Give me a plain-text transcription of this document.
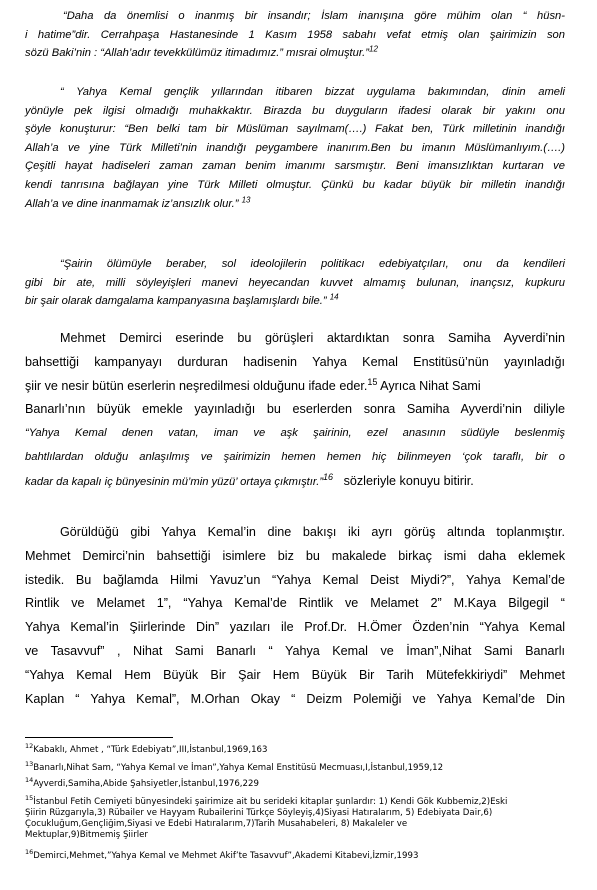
“Daha da önemlisi o inanmış bir insandır; İslam inanışına göre mühim olan “ hüsn-
i hatime”dir. Cerrahpaşa Hastanesinde 1 Kasım 1958 sabahı vefat etmiş olan şairimizin son
sözü Baki’nin : “Allah’adır tevekkülümüz itimadımız.” mısrai olmuştur.”$^{12}$
“ Yahya Kemal gençlik yıllarından itibaren bizzat uygulama bakımından, dinin ameli
yönüyle pek ilgisi olmadığı muhakkaktır. Birazda bu duyguların ifadesi olarak bir yakını onu
şöyle konuşturur: “Ben belki tam bir Müslüman sayılmam(….) Fakat ben, Türk milletinin inandığı
Allah’a ve yine Türk Milleti’nin inandığı peygambere inanırım.Ben bu imanın Müslümanlıyım.(….)
Çeşitli hayat hadiseleri zaman zaman benim imanımı sarsmıştır. Beni imansızlıktan kurtaran ve
kendi tanrısına bağlayan yine Türk Milleti olmuştur. Çünkü bu kadar büyük bir milletin inandığı
Allah’a ve dine inanmamak iz’ansızlık olur.” $^{13}$
“Şairin ölümüyle beraber, sol ideolojilerin politikacı edebiyatçıları, onu da kendileri
gibi bir ate, milli söyleyişleri manevi heyecandan kuvvet almamış bulunan, inançsız, kupkuru
bir şair olarak damgalama kampanyasına başlamışlardı bile.” $^{14}$
Mehmet Demirci eserinde bu görüşleri aktardıktan sonra Samiha Ayverdi’nin
bahsettiği kampanyayı durduran hadisenin Yahya Kemal Enstitüsü’nün yayınladığı
şiir ve nesir bütün eserlerin neşredilmesi olduğunu ifade eder.$^{15}$ Ayrıca Nihat Sami
Banarlı’nın büyük emekle yayınladığı bu eserlerden sonra Samiha Ayverdi’nin diliyle
“Yahya Kemal denen vatan, iman ve aşk şairinin, ezel anasının südüyle beslenmiş
bahtlılardan olduğu anlaşılmış ve şairimizin hemen hemen hiç bilinmeyen ‘çok taraflı, bir o
kadar da kapalı iç bünyesinin mü’min yüzü’ ortaya çıkmıştır.”$^{16}$ sözleriyle konuyu bitirir.
Görüldüğü gibi Yahya Kemal’in dine bakışı iki ayrı görüş altında toplanmıştır.
Mehmet Demirci’nin bahsettiği isimlere biz bu makalede birkaç ismi daha eklemek
istedik. Bu bağlamda Hilmi Yavuz’un “Yahya Kemal Deist Miydi?”, Yahya Kemal’de
Rintlik ve Melamet 1”, “Yahya Kemal’de Rintlik ve Melamet 2” M.Kaya Bilgegil “
Yahya Kemal’in Şiirlerinde Din” yazıları ile Prof.Dr. H.Ömer Özden’nin “Yahya Kemal
ve Tasavvuf” , Nihat Sami Banarlı “ Yahya Kemal ve İman”,Nihat Sami Banarlı
“Yahya Kemal Hem Büyük Bir Şair Hem Büyük Bir Tarih Mütefekkiriydi” Mehmet
Kaplan “ Yahya Kemal”, M.Orhan Okay “ Deizm Polemiği ve Yahya Kemal’de Din
$^{12}$Kabaklı, Ahmet , “Türk Edebiyatı”,III,İstanbul,1969,163
$^{13}$Banarlı,Nihat Sam, “Yahya Kemal ve İman”,Yahya Kemal Enstitüsü Mecmuası,I,İstanbul,1959,12
$^{14}$Ayverdi,Samiha,Abide Şahsiyetler,İstanbul,1976,229
$^{15}$İstanbul Fetih Cemiyeti bünyesindeki şairimize ait bu serideki kitaplar şunlardır: 1) Kendi Gök Kubbemiz,2)Eski
Şiirin Rüzgarıyla,3) Rübailer ve Hayyam Rubailerini Türkçe Söyleyiş,4)Siyasi Hatıralarım, 5) Edebiyata Dair,6)
Çocukluğum,Gençliğim,Siyasi ve Edebi Hatıralarım,7)Tarih Musahabeleri, 8) Makaleler ve
Mektuplar,9)Bitmemiş Şiirler
$^{16}$Demirci,Mehmet,”Yahya Kemal ve Mehmet Akif’te Tasavvuf”,Akademi Kitabevi,İzmir,1993
